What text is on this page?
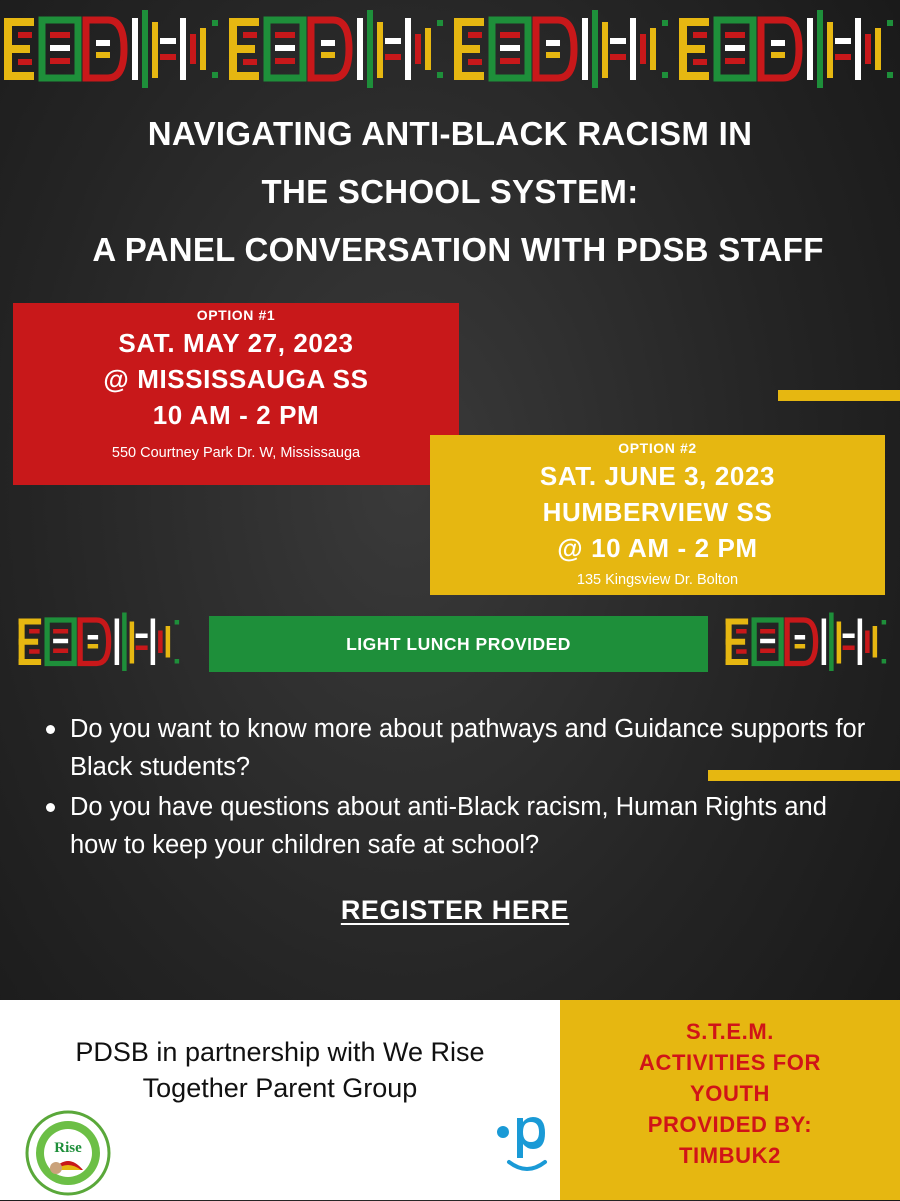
NAVIGATING ANTI-BLACK RACISM IN
THE SCHOOL SYSTEM:
A PANEL CONVERSATION WITH PDSB STAFF
OPTION #1
SAT. MAY 27, 2023
@ MISSISSAUGA SS
10 AM - 2 PM
550 Courtney Park Dr. W, Mississauga	OPTION #2
SAT. JUNE 3, 2023
HUMBERVIEW SS
@ 10 AM - 2 PM
135 Kingsview Dr. Bolton
LIGHT LUNCH PROVIDED
Do you want to know more about pathways and Guidance supports for Black students?
Do you have questions about anti-Black racism, Human Rights and how to keep your children safe at school?
REGISTER HERE
PDSB in partnership with We Rise
Together Parent Group
Rise
S.T.E.M.
ACTIVITIES FOR
YOUTH
PROVIDED BY:
TIMBUK2
